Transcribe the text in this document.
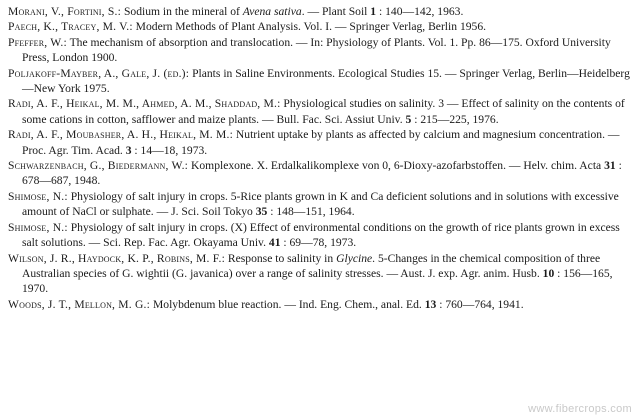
Morani, V., Fortini, S.: Sodium in the mineral of Avena sativa. — Plant Soil 1 : 140—142, 1963.

Paech, K., Tracey, M. V.: Modern Methods of Plant Analysis. Vol. I. — Springer Verlag, Berlin 1956.

Pfeffer, W.: The mechanism of absorption and translocation. — In: Physiology of Plants. Vol. 1. Pp. 86—175. Oxford University Press, London 1900.

Poljakoff-Mayber, A., Gale, J. (ed.): Plants in Saline Environments. Ecological Studies 15. — Springer Verlag, Berlin—Heidelberg—New York 1975.

Radi, A. F., Heikal, M. M., Ahmed, A. M., Shaddad, M.: Physiological studies on salinity. 3 — Effect of salinity on the contents of some cations in cotton, safflower and maize plants. — Bull. Fac. Sci. Assiut Univ. 5 : 215—225, 1976.

Radi, A. F., Moubasher, A. H., Heikal, M. M.: Nutrient uptake by plants as affected by calcium and magnesium concentration. — Proc. Agr. Tim. Acad. 3 : 14—18, 1973.

Schwarzenbach, G., Biedermann, W.: Komplexone. X. Erdalkalikomplexe von 0, 6-Dioxy-azofarbstoffen. — Helv. chim. Acta 31 : 678—687, 1948.

Shimose, N.: Physiology of salt injury in crops. 5-Rice plants grown in K and Ca deficient solutions and in solutions with excessive amount of NaCl or sulphate. — J. Sci. Soil Tokyo 35 : 148—151, 1964.

Shimose, N.: Physiology of salt injury in crops. (X) Effect of environmental conditions on the growth of rice plants grown in excess salt solutions. — Sci. Rep. Fac. Agr. Okayama Univ. 41 : 69—78, 1973.

Wilson, J. R., Haydock, K. P., Robins, M. F.: Response to salinity in Glycine. 5-Changes in the chemical composition of three Australian species of G. wightii (G. javanica) over a range of salinity stresses. — Aust. J. exp. Agr. anim. Husb. 10 : 156—165, 1970.

Woods, J. T., Mellon, M. G.: Molybdenum blue reaction. — Ind. Eng. Chem., anal. Ed. 13 : 760—764, 1941.

www.fibercrops.com
